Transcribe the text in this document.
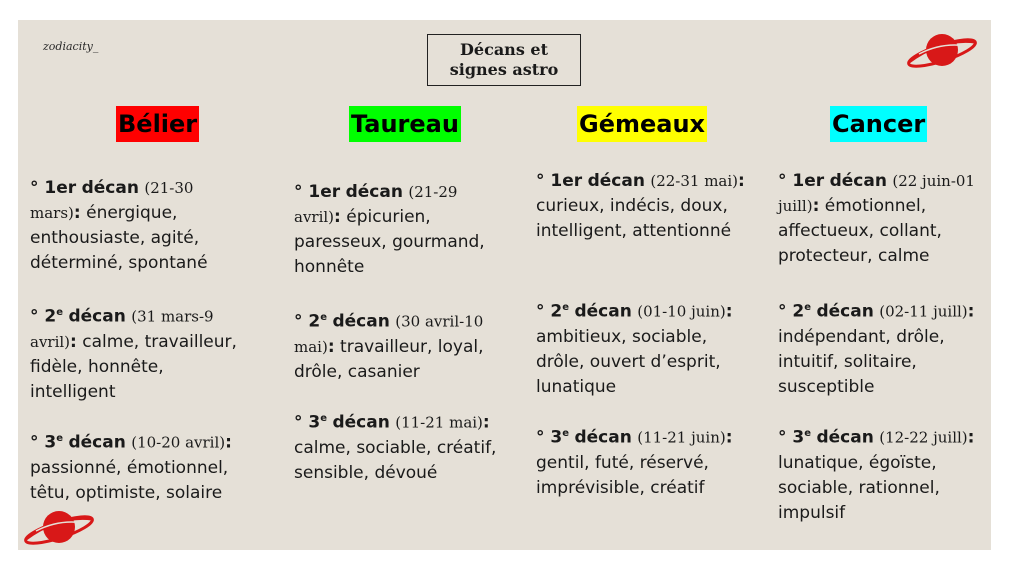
zodiacity_	Décans et
signes astro
Bélier
° 1er décan (21-30 mars): énergique, enthousiaste, agité, déterminé, spontané
° 2e décan (31 mars-9 avril): calme, travailleur, fidèle, honnête, intelligent
° 3e décan (10-20 avril): passionné, émotionnel, têtu, optimiste, solaire
Taureau
° 1er décan (21-29 avril): épicurien, paresseux, gourmand, honnête
° 2e décan (30 avril-10 mai): travailleur, loyal, drôle, casanier
° 3e décan (11-21 mai): calme, sociable, créatif, sensible, dévoué
Gémeaux
° 1er décan (22-31 mai): curieux, indécis, doux, intelligent, attentionné
° 2e décan (01-10 juin): ambitieux, sociable, drôle, ouvert d’esprit, lunatique
° 3e décan (11-21 juin): gentil, futé, réservé, imprévisible, créatif
Cancer
° 1er décan (22 juin-01 juill): émotionnel, affectueux, collant, protecteur, calme
° 2e décan (02-11 juill): indépendant, drôle, intuitif, solitaire, susceptible
° 3e décan (12-22 juill): lunatique, égoïste, sociable, rationnel, impulsif
